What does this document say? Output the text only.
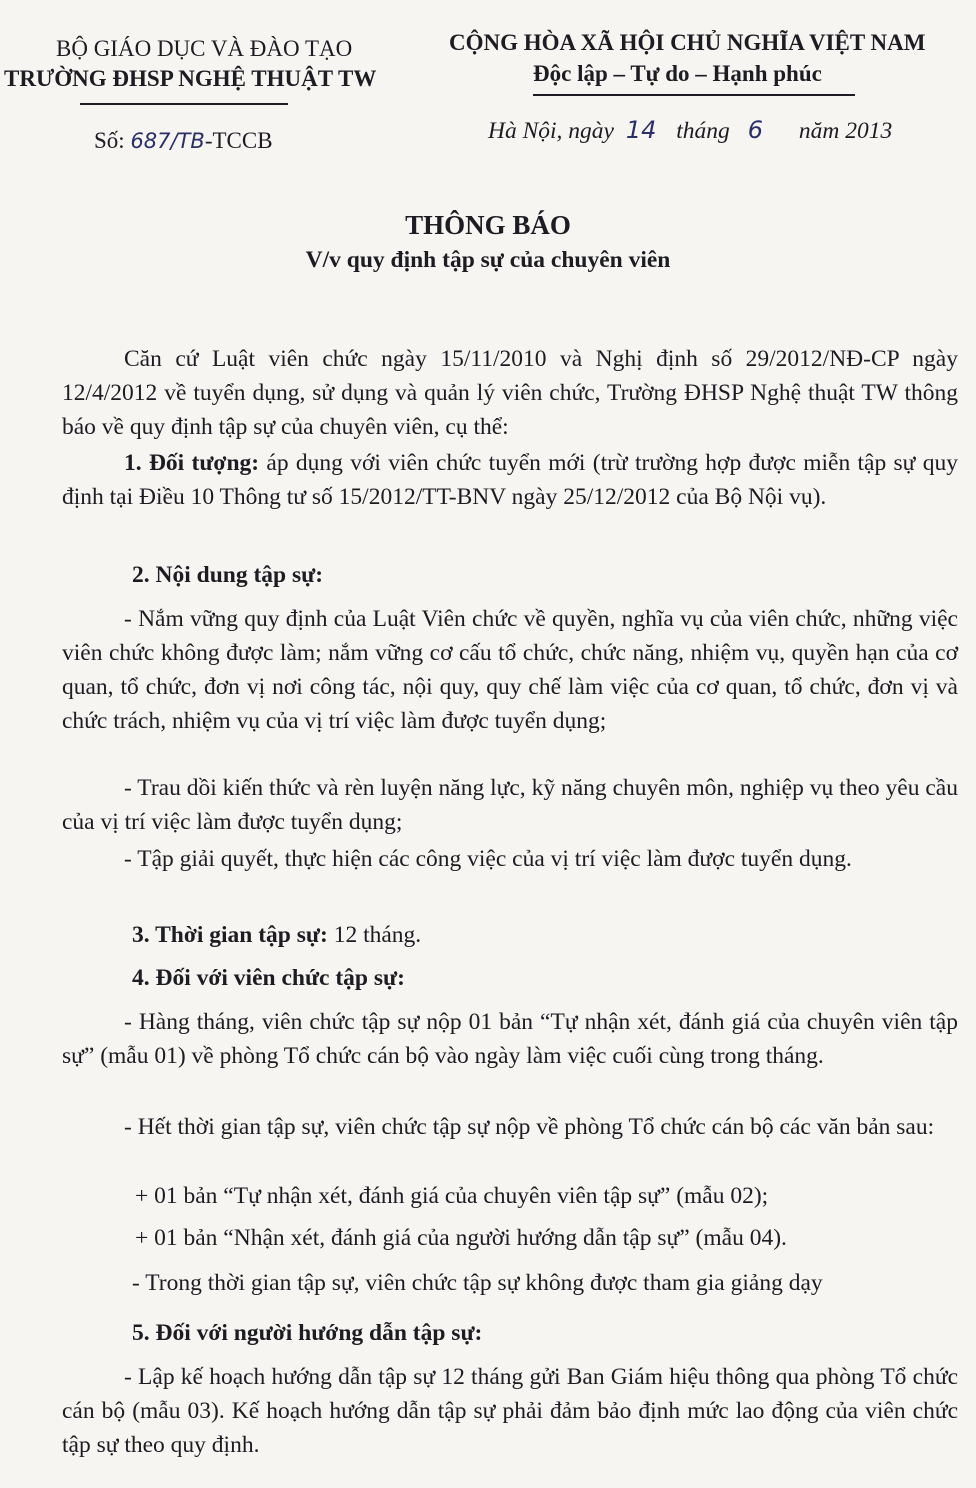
BỘ GIÁO DỤC VÀ ĐÀO TẠO
TRƯỜNG ĐHSP NGHỆ THUẬT TW
CỘNG HÒA XÃ HỘI CHỦ NGHĨA VIỆT NAM
Độc lập – Tự do – Hạnh phúc
Số: 687/TB-TCCB	Hà Nội, ngày 14 tháng 6 năm 2013
THÔNG BÁO
V/v quy định tập sự của chuyên viên
Căn cứ Luật viên chức ngày 15/11/2010 và Nghị định số 29/2012/NĐ-CP ngày 12/4/2012 về tuyển dụng, sử dụng và quản lý viên chức, Trường ĐHSP Nghệ thuật TW thông báo về quy định tập sự của chuyên viên, cụ thể:
1. Đối tượng: áp dụng với viên chức tuyển mới (trừ trường hợp được miễn tập sự quy định tại Điều 10 Thông tư số 15/2012/TT-BNV ngày 25/12/2012 của Bộ Nội vụ).
2. Nội dung tập sự:
- Nắm vững quy định của Luật Viên chức về quyền, nghĩa vụ của viên chức, những việc viên chức không được làm; nắm vững cơ cấu tổ chức, chức năng, nhiệm vụ, quyền hạn của cơ quan, tổ chức, đơn vị nơi công tác, nội quy, quy chế làm việc của cơ quan, tổ chức, đơn vị và chức trách, nhiệm vụ của vị trí việc làm được tuyển dụng;
- Trau dồi kiến thức và rèn luyện năng lực, kỹ năng chuyên môn, nghiệp vụ theo yêu cầu của vị trí việc làm được tuyển dụng;
- Tập giải quyết, thực hiện các công việc của vị trí việc làm được tuyển dụng.
3. Thời gian tập sự: 12 tháng.
4. Đối với viên chức tập sự:
- Hàng tháng, viên chức tập sự nộp 01 bản “Tự nhận xét, đánh giá của chuyên viên tập sự” (mẫu 01) về phòng Tổ chức cán bộ vào ngày làm việc cuối cùng trong tháng.
- Hết thời gian tập sự, viên chức tập sự nộp về phòng Tổ chức cán bộ các văn bản sau:
+ 01 bản “Tự nhận xét, đánh giá của chuyên viên tập sự” (mẫu 02);
+ 01 bản “Nhận xét, đánh giá của người hướng dẫn tập sự” (mẫu 04).
- Trong thời gian tập sự, viên chức tập sự không được tham gia giảng dạy
5. Đối với người hướng dẫn tập sự:
- Lập kế hoạch hướng dẫn tập sự 12 tháng gửi Ban Giám hiệu thông qua phòng Tổ chức cán bộ (mẫu 03). Kế hoạch hướng dẫn tập sự phải đảm bảo định mức lao động của viên chức tập sự theo quy định.
